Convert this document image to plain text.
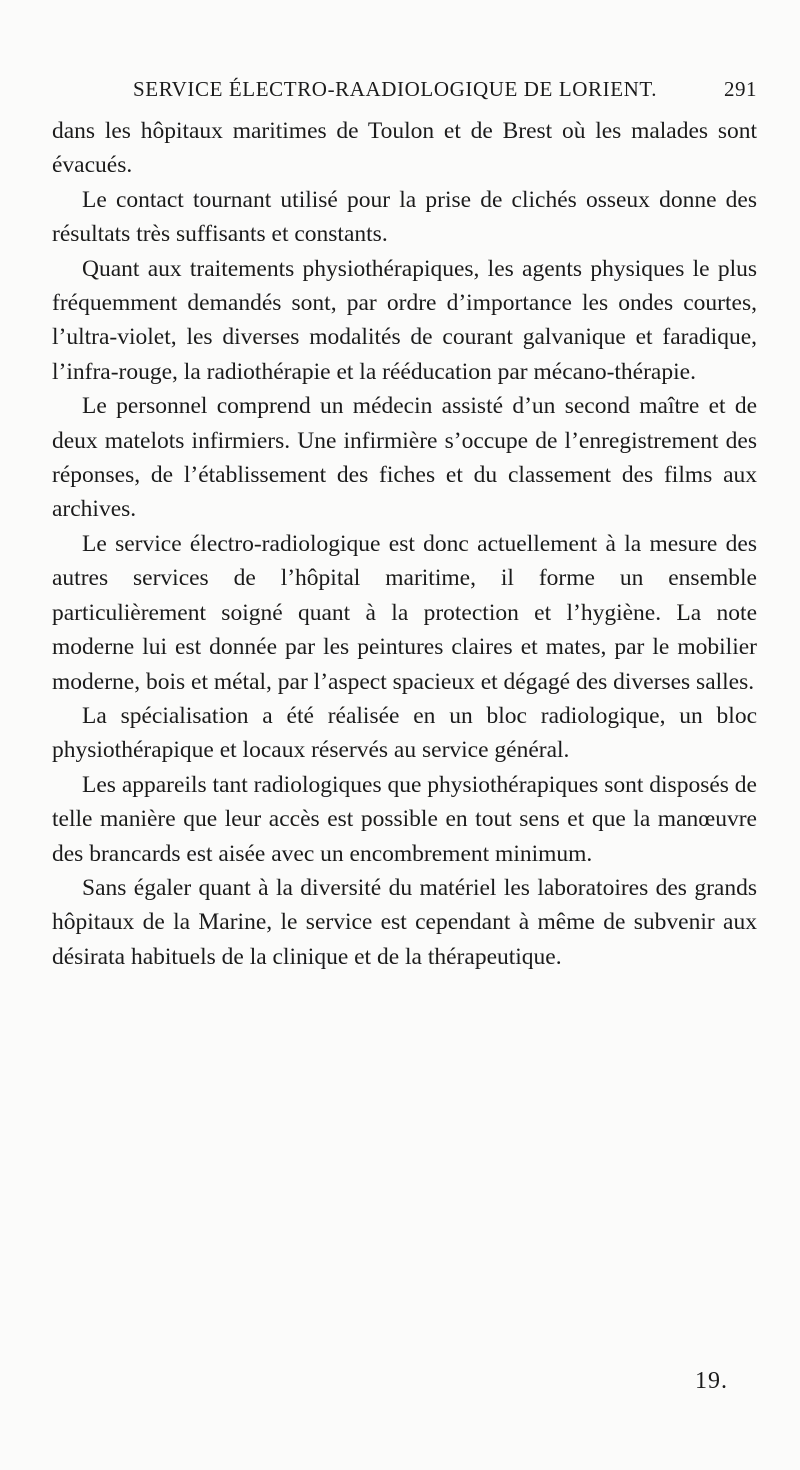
SERVICE ÉLECTRO-RAADIOLOGIQUE DE LORIENT.	291

dans les hôpitaux maritimes de Toulon et de Brest où les malades sont évacués.

Le contact tournant utilisé pour la prise de clichés osseux donne des résultats très suffisants et constants.

Quant aux traitements physiothérapiques, les agents physiques le plus fréquemment demandés sont, par ordre d’importance les ondes courtes, l’ultra-violet, les diverses modalités de courant galvanique et faradique, l’infra-rouge, la radiothérapie et la rééducation par mécano-thérapie.

Le personnel comprend un médecin assisté d’un second maître et de deux matelots infirmiers. Une infirmière s’occupe de l’enregistrement des réponses, de l’établissement des fiches et du classement des films aux archives.

Le service électro-radiologique est donc actuellement à la mesure des autres services de l’hôpital maritime, il forme un ensemble particulièrement soigné quant à la protection et l’hygiène. La note moderne lui est donnée par les peintures claires et mates, par le mobilier moderne, bois et métal, par l’aspect spacieux et dégagé des diverses salles.

La spécialisation a été réalisée en un bloc radiologique, un bloc physiothérapique et locaux réservés au service général.

Les appareils tant radiologiques que physiothérapiques sont disposés de telle manière que leur accès est possible en tout sens et que la manœuvre des brancards est aisée avec un encombrement minimum.

Sans égaler quant à la diversité du matériel les laboratoires des grands hôpitaux de la Marine, le service est cependant à même de subvenir aux désirata habituels de la clinique et de la thérapeutique.

19.
